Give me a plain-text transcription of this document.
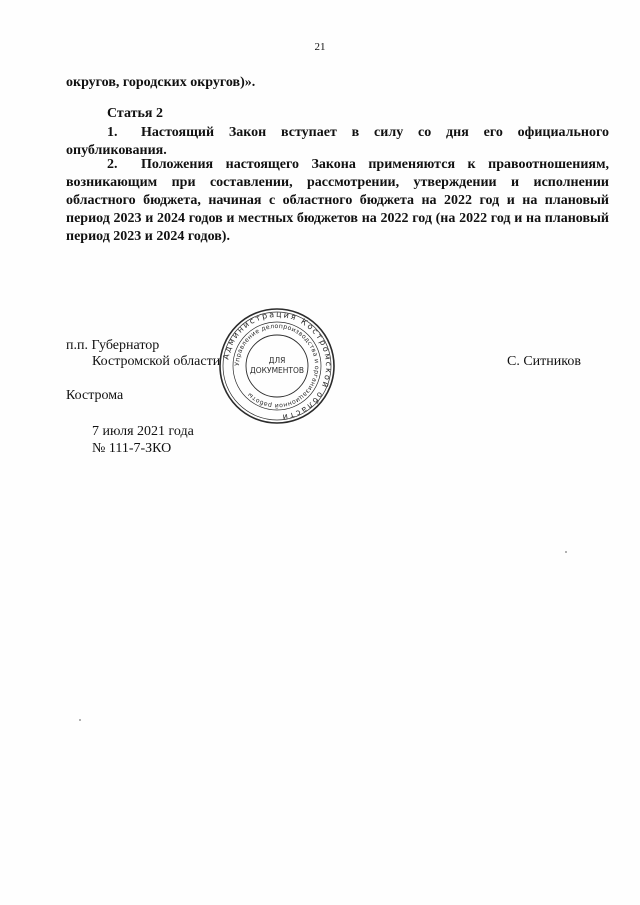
21
округов, городских округов)».
Статья 2
1. Настоящий Закон вступает в силу со дня его официального опубликования.
2. Положения настоящего Закона применяются к правоотношениям, возникающим при составлении, рассмотрении, утверждении и исполнении областного бюджета, начиная с областного бюджета на 2022 год и на плановый период 2023 и 2024 годов и местных бюджетов на 2022 год (на 2022 год и на плановый период 2023 и 2024 годов).
п.п. Губернатор
Костромской области	С. Ситников
Администрация Костромской области
Управление делопроизводства и организационной работы
ДЛЯ
ДОКУМЕНТОВ
Кострома
7 июля 2021 года
№ 111-7-ЗКО
